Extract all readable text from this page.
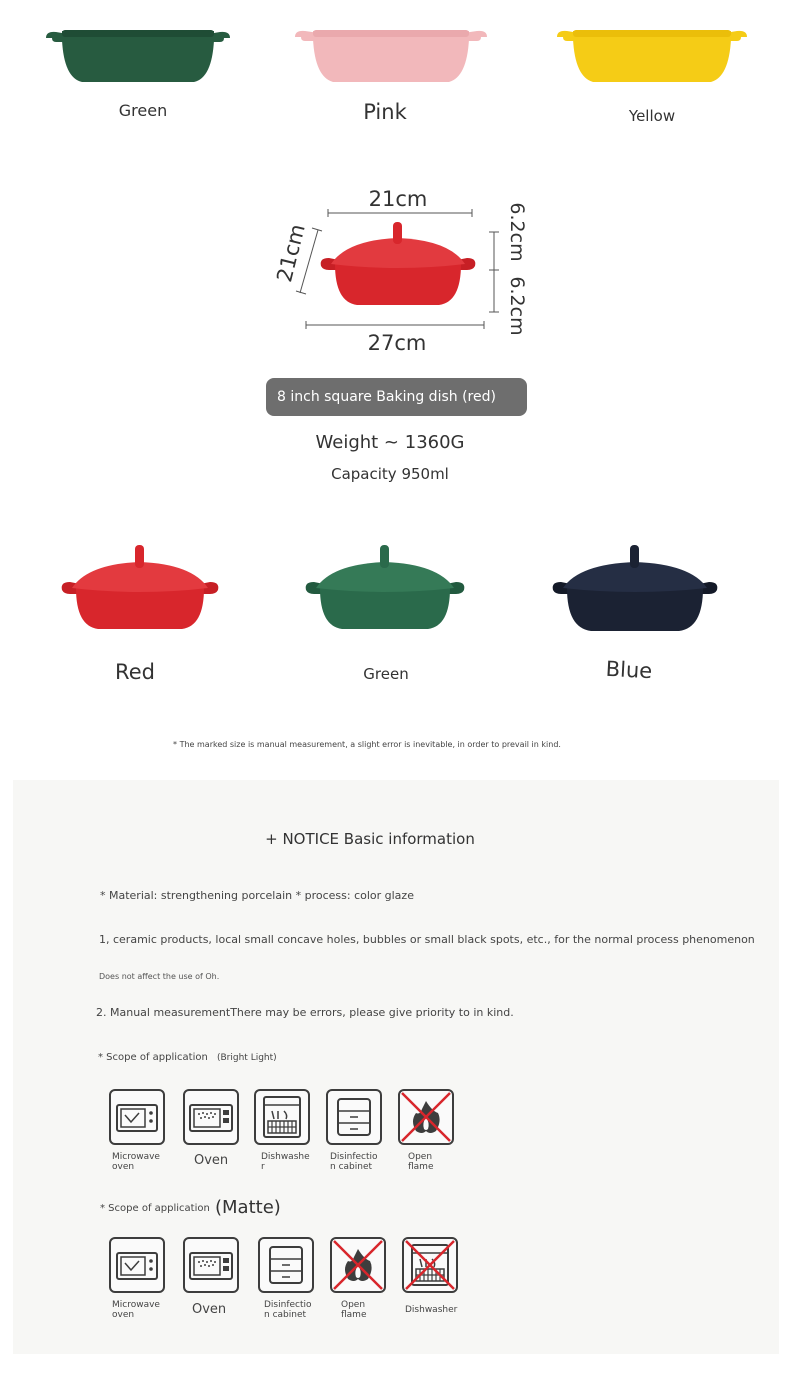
Green	Pink	Yellow
21cm
21cm	6.2cm
6.2cm
27cm
8 inch square Baking dish (red)
Weight ~ 1360G
Capacity 950ml
Red	Green	Blue
* The marked size is manual measurement, a slight error is inevitable, in order to prevail in kind.
+ NOTICE Basic information
* Material: strengthening porcelain * process: color glaze
1, ceramic products, local small concave holes, bubbles or small black spots, etc., for the normal process phenomenon
Does not affect the use of Oh.
2. Manual measurementThere may be errors, please give priority to in kind.
* Scope of application (Bright Light)
Microwave oven	Oven	Dishwashe r
Disinfectio n cabinet
Open flame
* Scope of application (Matte)
Microwave oven	Oven	Disinfectio n cabinet
Open flame	Dishwasher
